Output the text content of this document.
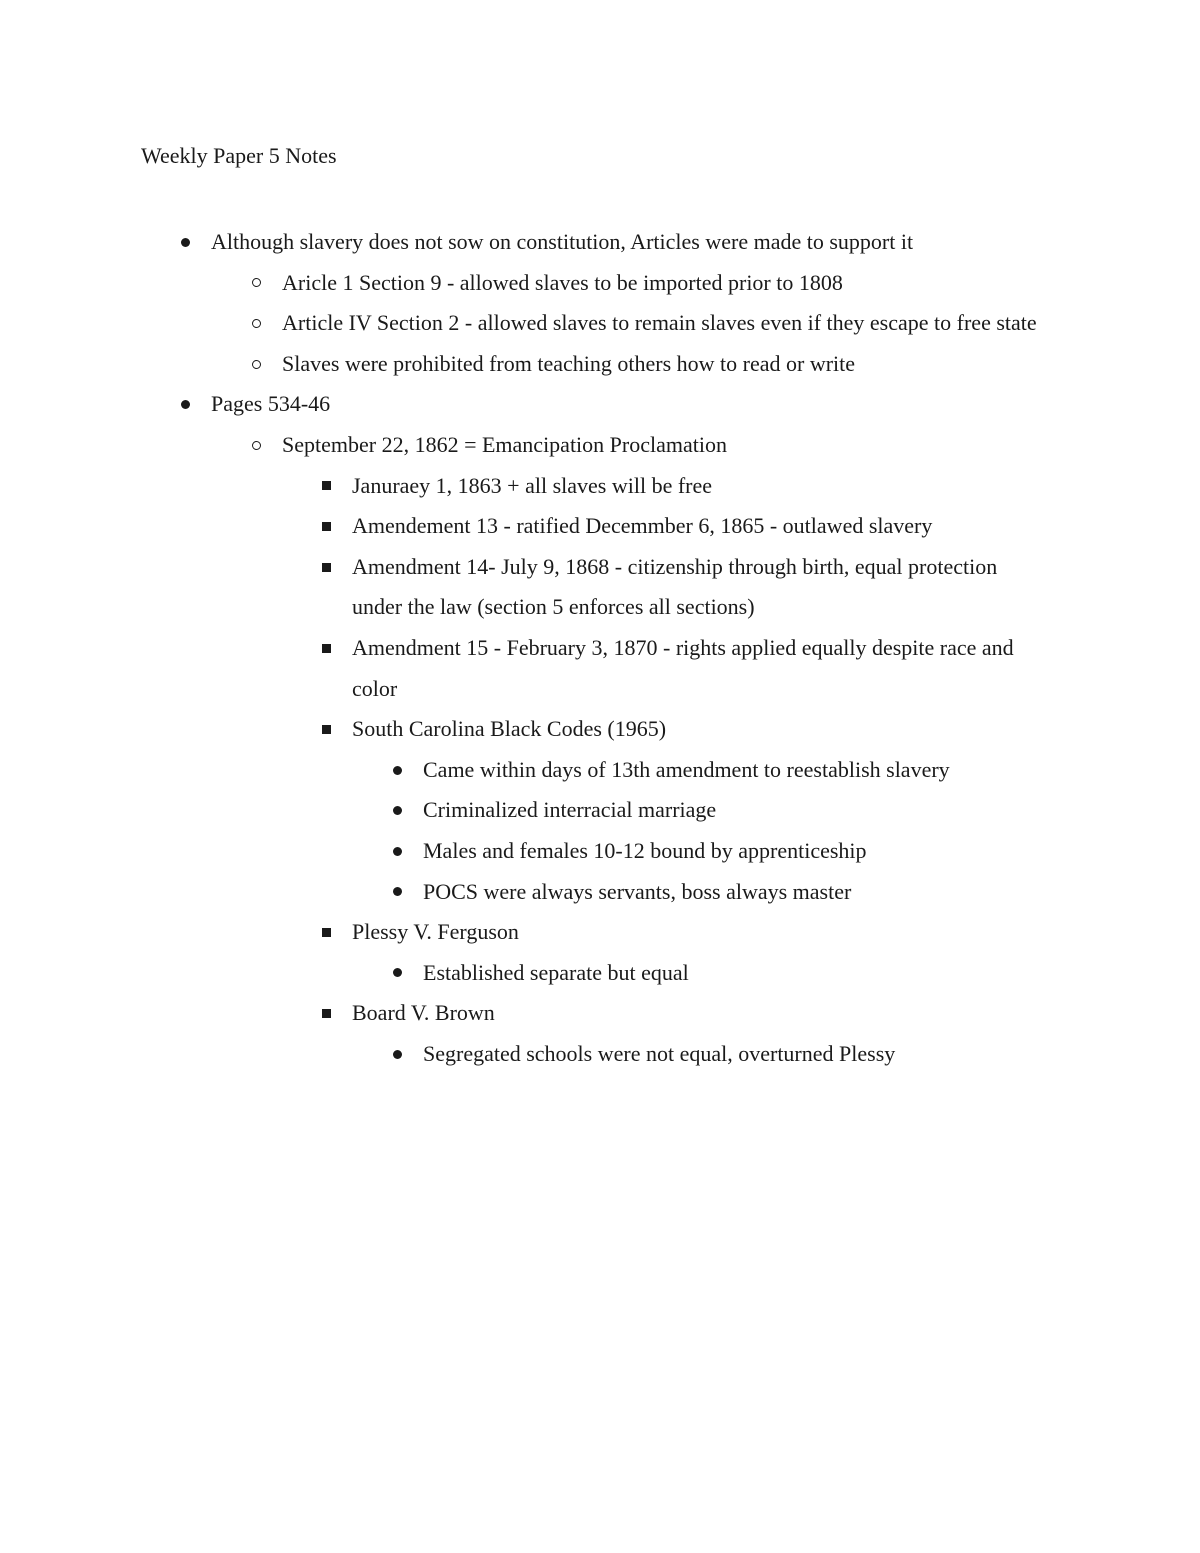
Weekly Paper 5 Notes
Although slavery does not sow on constitution, Articles were made to support it
Aricle 1 Section 9 - allowed slaves to be imported prior to 1808
Article IV Section 2 - allowed slaves to remain slaves even if they escape to free state
Slaves were prohibited from teaching others how to read or write
Pages 534-46
September 22, 1862 = Emancipation Proclamation
Januraey 1, 1863 + all slaves will be free
Amendement 13 - ratified Decemmber 6, 1865 - outlawed slavery
Amendment 14- July 9, 1868 - citizenship through birth, equal protection under the law (section 5 enforces all sections)
Amendment 15 - February 3, 1870 - rights applied equally despite race and color
South Carolina Black Codes (1965)
Came within days of 13th amendment to reestablish slavery
Criminalized interracial marriage
Males and females 10-12 bound by apprenticeship
POCS were always servants, boss always master
Plessy V. Ferguson
Established separate but equal
Board V. Brown
Segregated schools were not equal, overturned Plessy
